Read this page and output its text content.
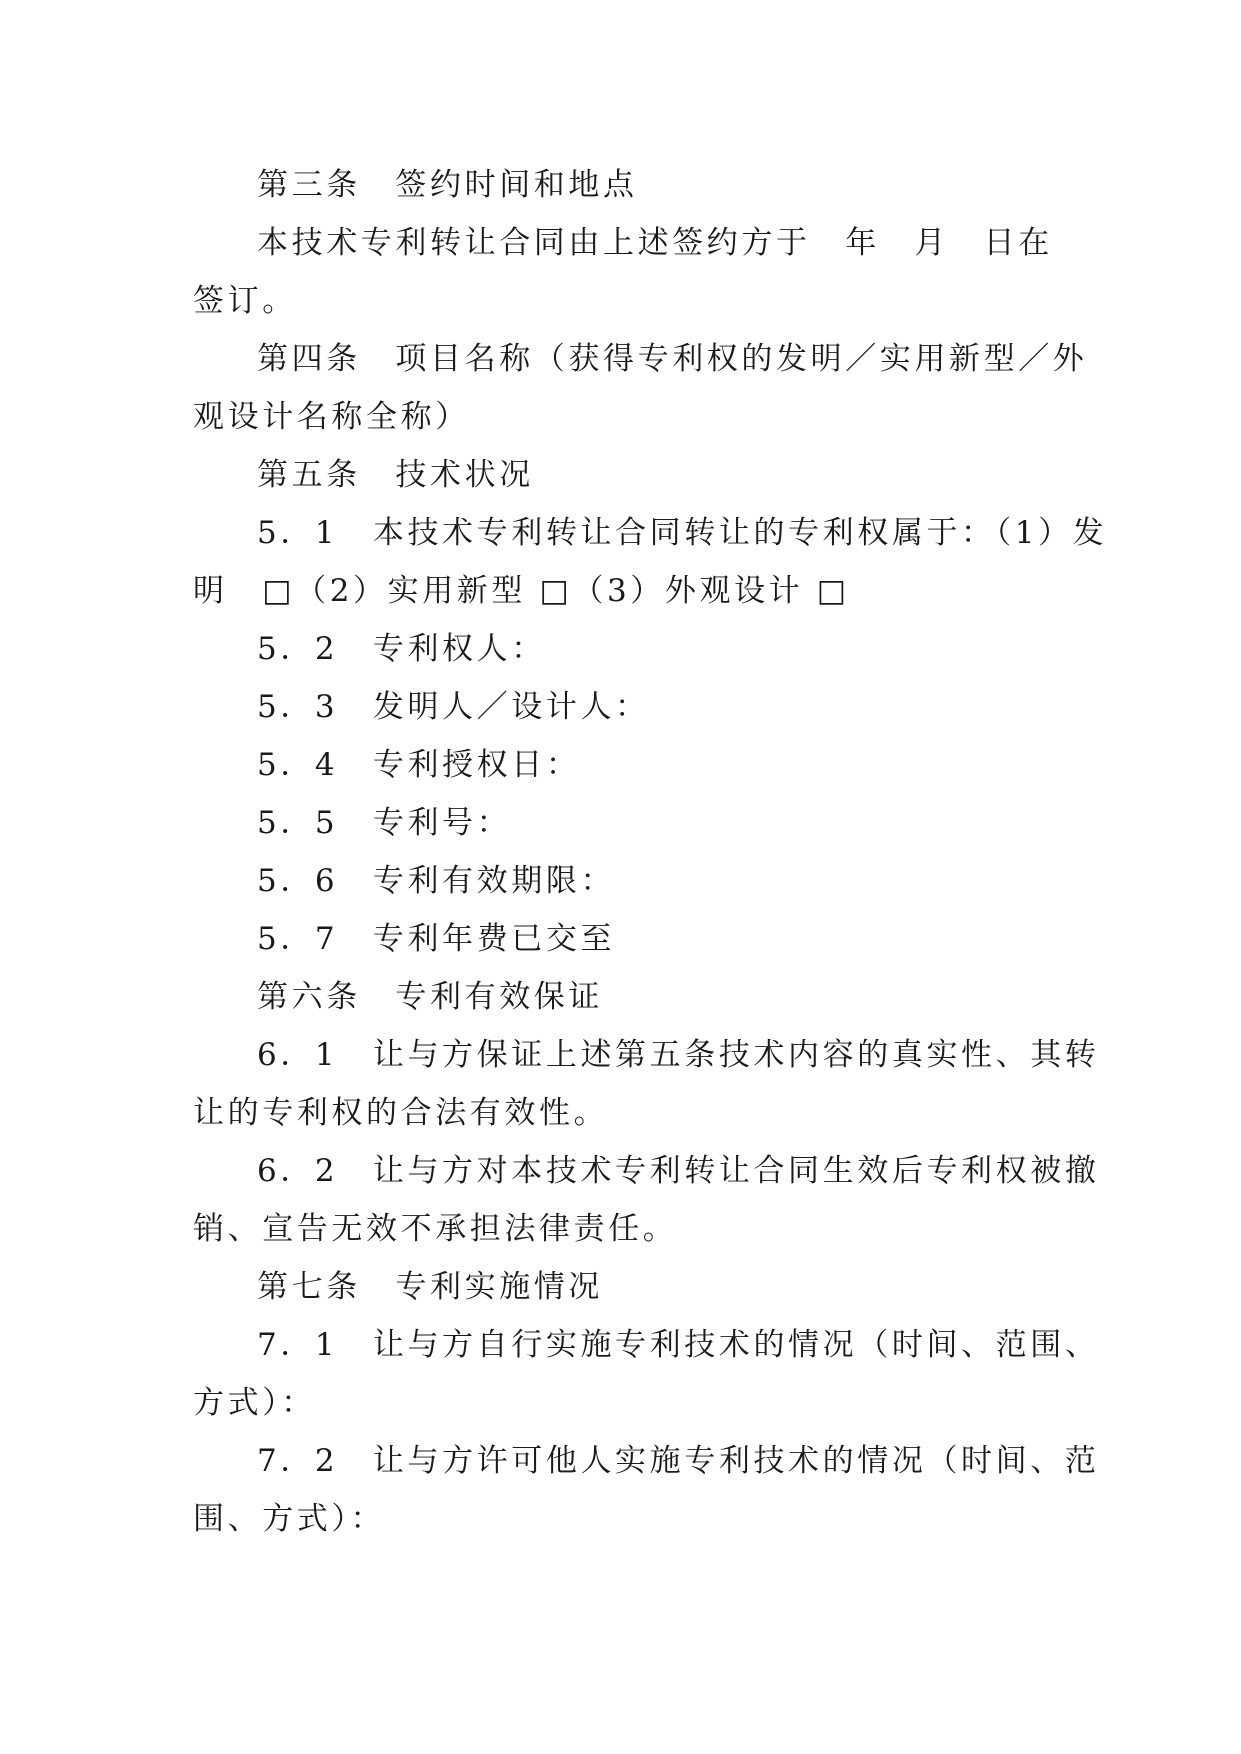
第三条　签约时间和地点
本技术专利转让合同由上述签约方于　年　月　日在
签订。
第四条　项目名称（获得专利权的发明／实用新型／外
观设计名称全称）
第五条　技术状况
5．1　本技术专利转让合同转让的专利权属于：（1）发
明　□（2）实用新型 □（3）外观设计 □
5．2　专利权人：
5．3　发明人／设计人：
5．4　专利授权日：
5．5　专利号：
5．6　专利有效期限：
5．7　专利年费已交至
第六条　专利有效保证
6．1　让与方保证上述第五条技术内容的真实性、其转
让的专利权的合法有效性。
6．2　让与方对本技术专利转让合同生效后专利权被撤
销、宣告无效不承担法律责任。
第七条　专利实施情况
7．1　让与方自行实施专利技术的情况（时间、范围、
方式）：
7．2　让与方许可他人实施专利技术的情况（时间、范
围、方式）：
